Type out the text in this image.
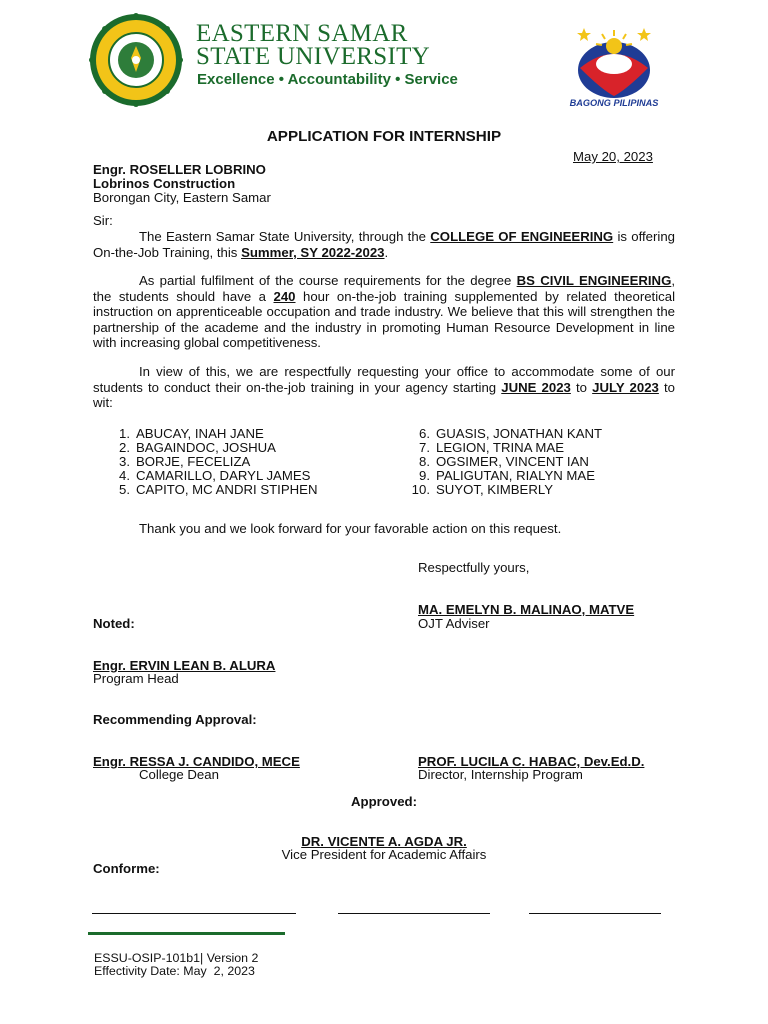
EASTERN SAMAR
STATE UNIVERSITY
Excellence • Accountability • Service
BAGONG PILIPINAS
APPLICATION FOR INTERNSHIP
May 20, 2023
Engr. ROSELLER LOBRINO
Lobrinos Construction
Borongan City, Eastern Samar
Sir:
The Eastern Samar State University, through the COLLEGE OF ENGINEERING is offering On-the-Job Training, this Summer, SY 2022-2023.
As partial fulfilment of the course requirements for the degree BS CIVIL ENGINEERING, the students should have a 240 hour on-the-job training supplemented by related theoretical instruction on apprenticeable occupation and trade industry. We believe that this will strengthen the partnership of the academe and the industry in promoting Human Resource Development in line with increasing global competitiveness.
In view of this, we are respectfully requesting your office to accommodate some of our students to conduct their on-the-job training in your agency starting JUNE 2023 to JULY 2023 to wit:
1. ABUCAY, INAH JANE
2. BAGAINDOC, JOSHUA
3. BORJE, FECELIZA
4. CAMARILLO, DARYL JAMES
5. CAPITO, MC ANDRI STIPHEN
6. GUASIS, JONATHAN KANT
7. LEGION, TRINA MAE
8. OGSIMER, VINCENT IAN
9. PALIGUTAN, RIALYN MAE
10. SUYOT, KIMBERLY
Thank you and we look forward for your favorable action on this request.
Respectfully yours,
MA. EMELYN B. MALINAO, MATVE
OJT Adviser
Noted:
Engr. ERVIN LEAN B. ALURA
Program Head
Recommending Approval:
Engr. RESSA J. CANDIDO, MECE
College Dean
PROF. LUCILA C. HABAC, Dev.Ed.D.
Director, Internship Program
Approved:
DR. VICENTE A. AGDA JR.
Vice President for Academic Affairs
Conforme:
ESSU-OSIP-101b1| Version 2
Effectivity Date: May  2, 2023
